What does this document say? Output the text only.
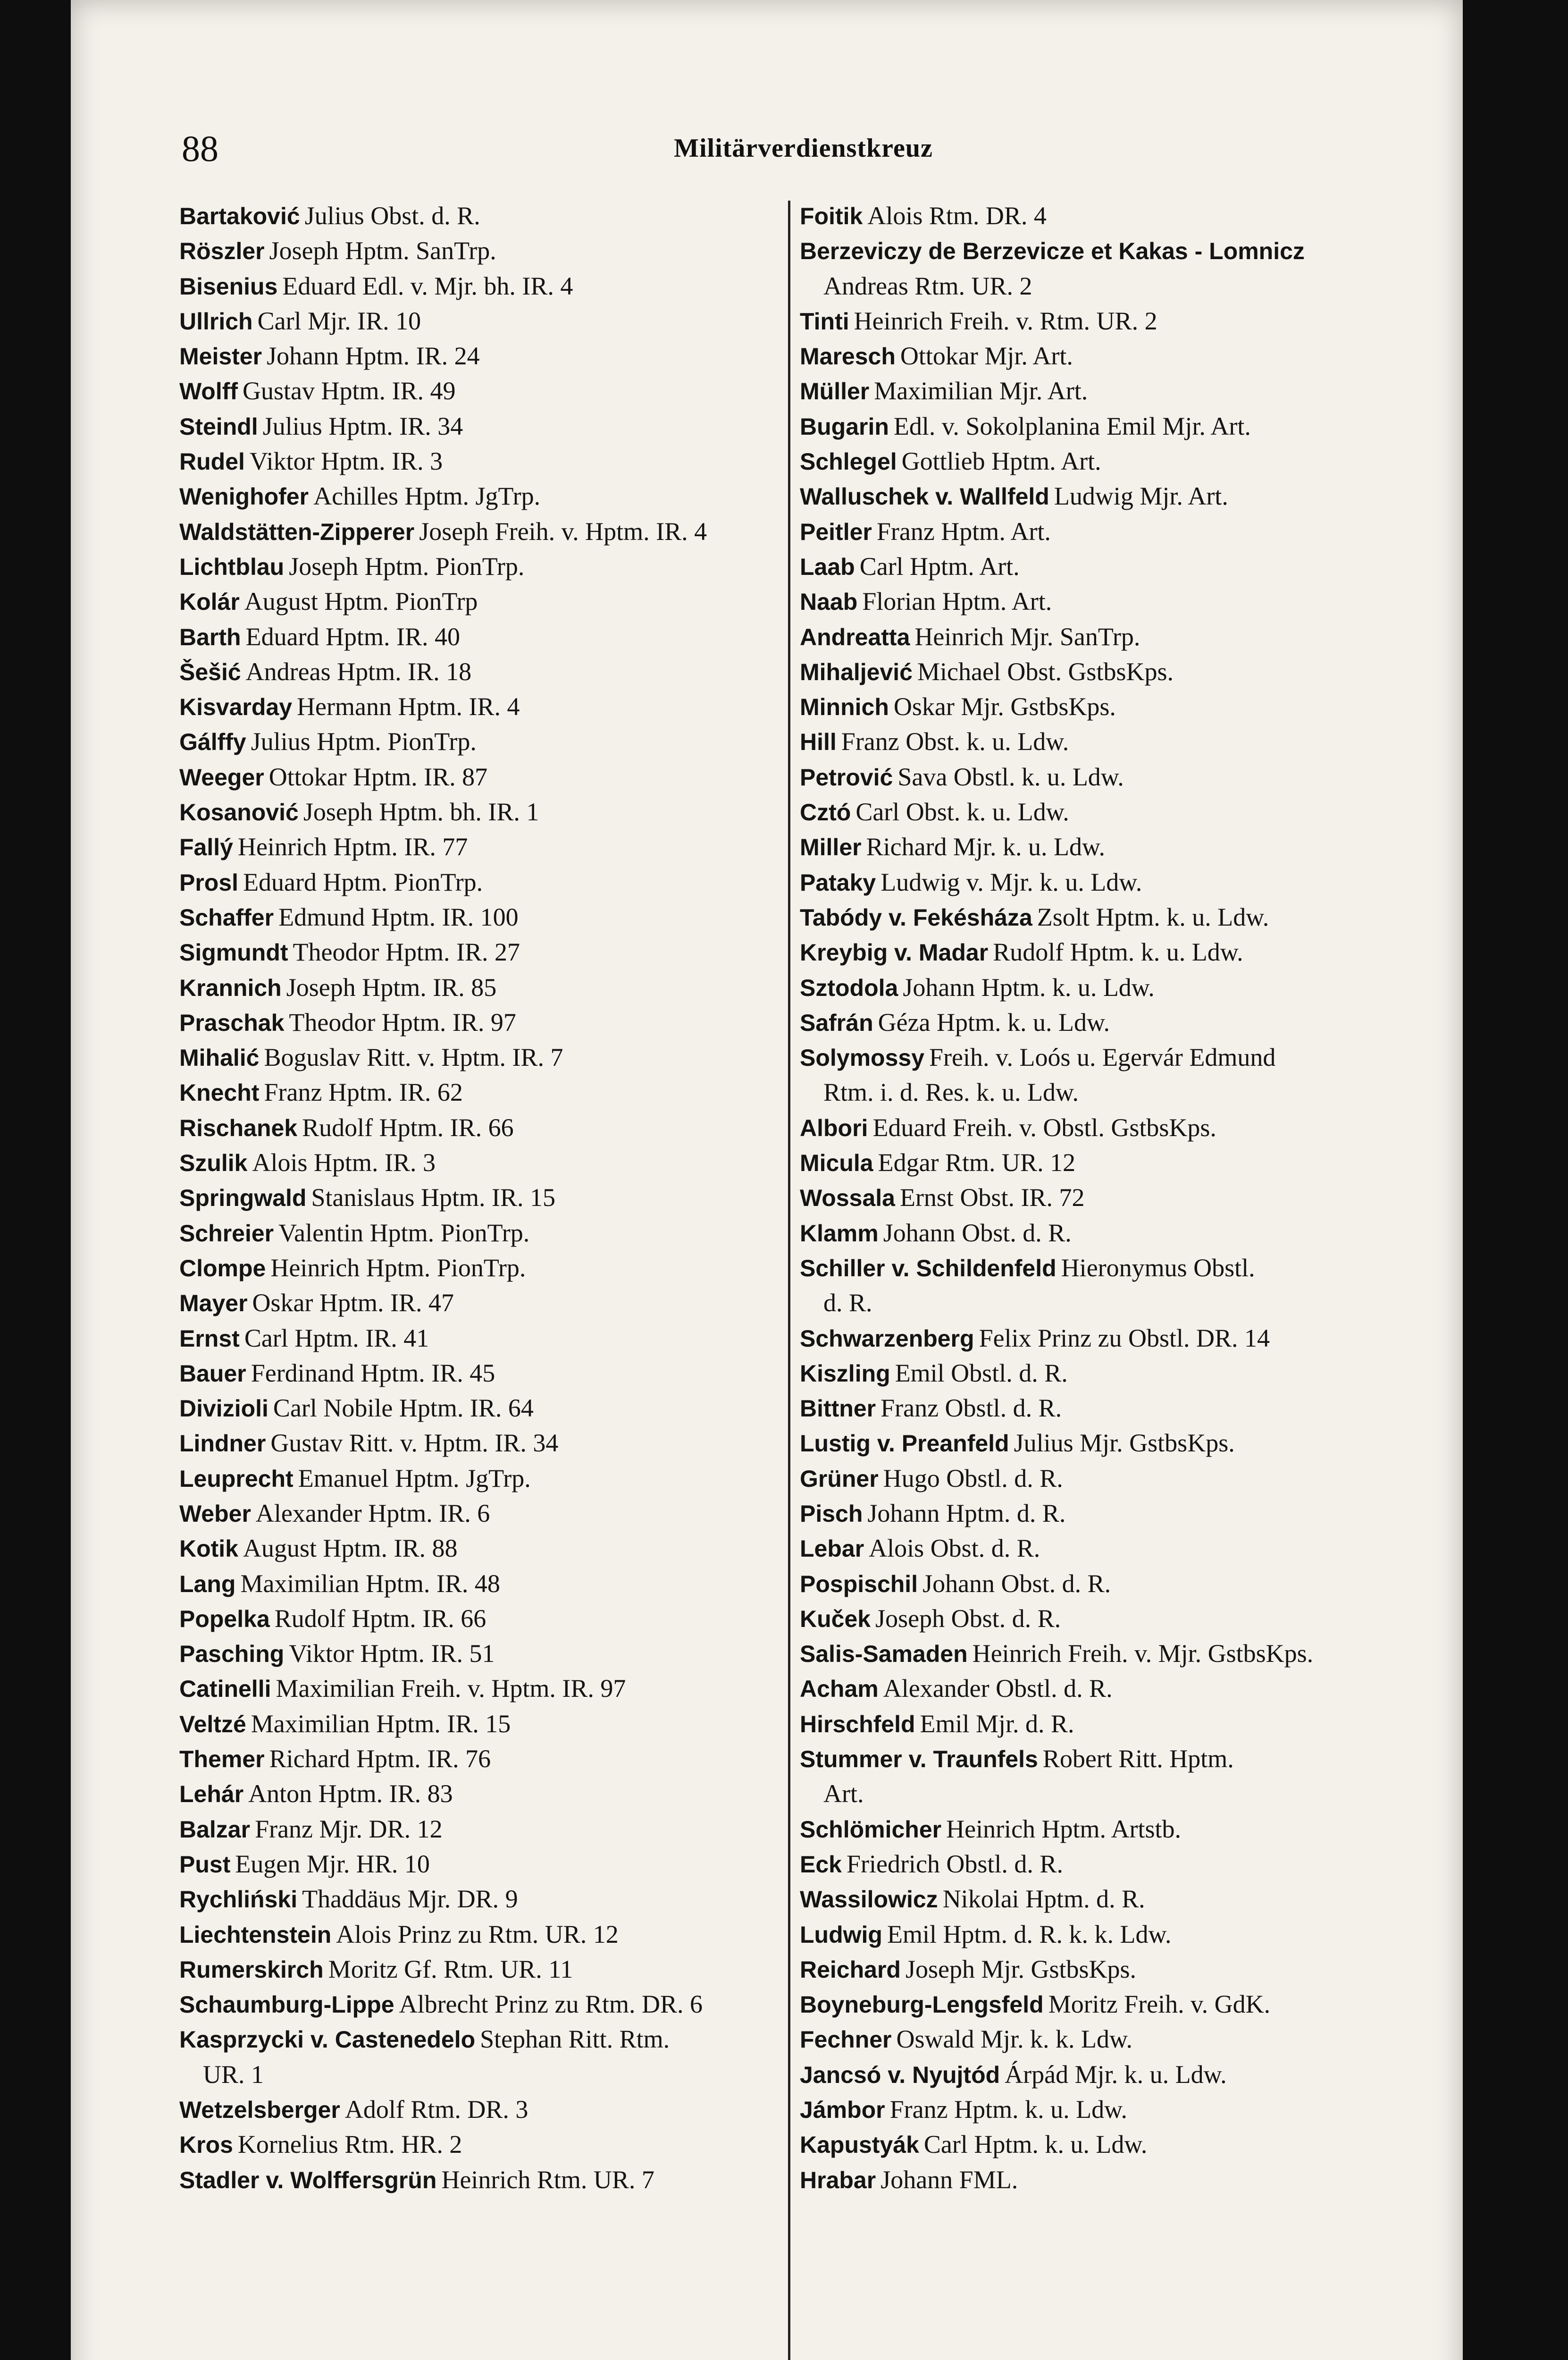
88	Militärverdienstkreuz
Bartaković Julius Obst. d. R.
Röszler Joseph Hptm. SanTrp.
Bisenius Eduard Edl. v. Mjr. bh. IR. 4
Ullrich Carl Mjr. IR. 10
Meister Johann Hptm. IR. 24
Wolff Gustav Hptm. IR. 49
Steindl Julius Hptm. IR. 34
Rudel Viktor Hptm. IR. 3
Wenighofer Achilles Hptm. JgTrp.
Waldstätten-Zipperer Joseph Freih. v. Hptm. IR. 4
Lichtblau Joseph Hptm. PionTrp.
Kolár August Hptm. PionTrp
Barth Eduard Hptm. IR. 40
Šešić Andreas Hptm. IR. 18
Kisvarday Hermann Hptm. IR. 4
Gálffy Julius Hptm. PionTrp.
Weeger Ottokar Hptm. IR. 87
Kosanović Joseph Hptm. bh. IR. 1
Fallý Heinrich Hptm. IR. 77
Prosl Eduard Hptm. PionTrp.
Schaffer Edmund Hptm. IR. 100
Sigmundt Theodor Hptm. IR. 27
Krannich Joseph Hptm. IR. 85
Praschak Theodor Hptm. IR. 97
Mihalić Boguslav Ritt. v. Hptm. IR. 7
Knecht Franz Hptm. IR. 62
Rischanek Rudolf Hptm. IR. 66
Szulik Alois Hptm. IR. 3
Springwald Stanislaus Hptm. IR. 15
Schreier Valentin Hptm. PionTrp.
Clompe Heinrich Hptm. PionTrp.
Mayer Oskar Hptm. IR. 47
Ernst Carl Hptm. IR. 41
Bauer Ferdinand Hptm. IR. 45
Divizioli Carl Nobile Hptm. IR. 64
Lindner Gustav Ritt. v. Hptm. IR. 34
Leuprecht Emanuel Hptm. JgTrp.
Weber Alexander Hptm. IR. 6
Kotik August Hptm. IR. 88
Lang Maximilian Hptm. IR. 48
Popelka Rudolf Hptm. IR. 66
Pasching Viktor Hptm. IR. 51
Catinelli Maximilian Freih. v. Hptm. IR. 97
Veltzé Maximilian Hptm. IR. 15
Themer Richard Hptm. IR. 76
Lehár Anton Hptm. IR. 83
Balzar Franz Mjr. DR. 12
Pust Eugen Mjr. HR. 10
Rychliński Thaddäus Mjr. DR. 9
Liechtenstein Alois Prinz zu Rtm. UR. 12
Rumerskirch Moritz Gf. Rtm. UR. 11
Schaumburg-Lippe Albrecht Prinz zu Rtm. DR. 6
Kasprzycki v. Castenedelo Stephan Ritt. Rtm.
UR. 1
Wetzelsberger Adolf Rtm. DR. 3
Kros Kornelius Rtm. HR. 2
Stadler v. Wolffersgrün Heinrich Rtm. UR. 7
Foitik Alois Rtm. DR. 4
Berzeviczy de Berzevicze et Kakas - Lomnicz
Andreas Rtm. UR. 2
Tinti Heinrich Freih. v. Rtm. UR. 2
Maresch Ottokar Mjr. Art.
Müller Maximilian Mjr. Art.
Bugarin Edl. v. Sokolplanina Emil Mjr. Art.
Schlegel Gottlieb Hptm. Art.
Walluschek v. Wallfeld Ludwig Mjr. Art.
Peitler Franz Hptm. Art.
Laab Carl Hptm. Art.
Naab Florian Hptm. Art.
Andreatta Heinrich Mjr. SanTrp.
Mihaljević Michael Obst. GstbsKps.
Minnich Oskar Mjr. GstbsKps.
Hill Franz Obst. k. u. Ldw.
Petrović Sava Obstl. k. u. Ldw.
Cztó Carl Obst. k. u. Ldw.
Miller Richard Mjr. k. u. Ldw.
Pataky Ludwig v. Mjr. k. u. Ldw.
Tabódy v. Fekésháza Zsolt Hptm. k. u. Ldw.
Kreybig v. Madar Rudolf Hptm. k. u. Ldw.
Sztodola Johann Hptm. k. u. Ldw.
Safrán Géza Hptm. k. u. Ldw.
Solymossy Freih. v. Loós u. Egervár Edmund
Rtm. i. d. Res. k. u. Ldw.
Albori Eduard Freih. v. Obstl. GstbsKps.
Micula Edgar Rtm. UR. 12
Wossala Ernst Obst. IR. 72
Klamm Johann Obst. d. R.
Schiller v. Schildenfeld Hieronymus Obstl.
d. R.
Schwarzenberg Felix Prinz zu Obstl. DR. 14
Kiszling Emil Obstl. d. R.
Bittner Franz Obstl. d. R.
Lustig v. Preanfeld Julius Mjr. GstbsKps.
Grüner Hugo Obstl. d. R.
Pisch Johann Hptm. d. R.
Lebar Alois Obst. d. R.
Pospischil Johann Obst. d. R.
Kuček Joseph Obst. d. R.
Salis-Samaden Heinrich Freih. v. Mjr. GstbsKps.
Acham Alexander Obstl. d. R.
Hirschfeld Emil Mjr. d. R.
Stummer v. Traunfels Robert Ritt. Hptm.
Art.
Schlömicher Heinrich Hptm. Artstb.
Eck Friedrich Obstl. d. R.
Wassilowicz Nikolai Hptm. d. R.
Ludwig Emil Hptm. d. R. k. k. Ldw.
Reichard Joseph Mjr. GstbsKps.
Boyneburg-Lengsfeld Moritz Freih. v. GdK.
Fechner Oswald Mjr. k. k. Ldw.
Jancsó v. Nyujtód Árpád Mjr. k. u. Ldw.
Jámbor Franz Hptm. k. u. Ldw.
Kapustyák Carl Hptm. k. u. Ldw.
Hrabar Johann FML.
